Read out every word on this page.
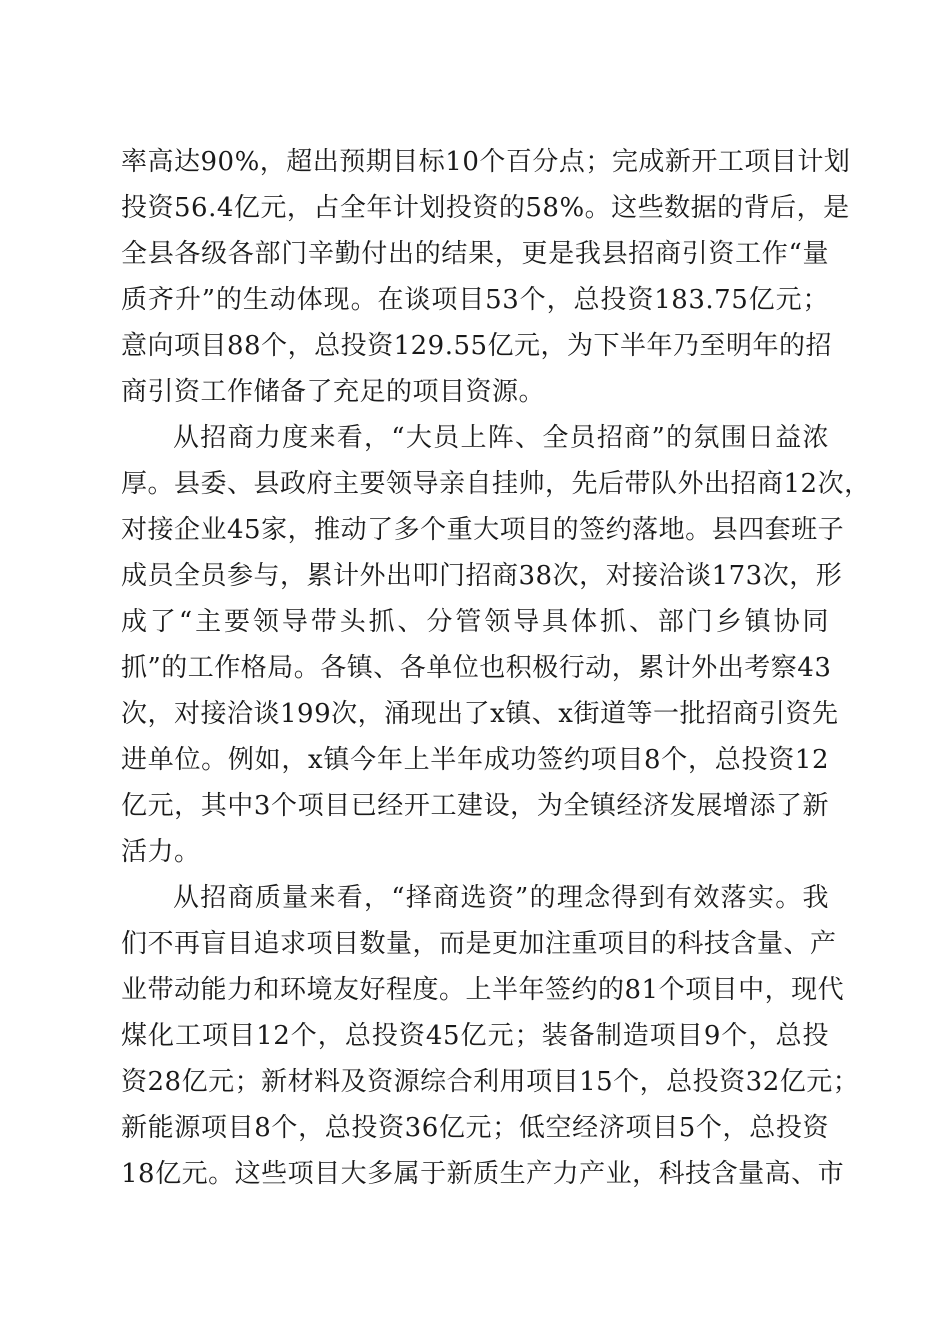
率高达90%，超出预期目标10个百分点；完成新开工项目计划
投资56.4亿元，占全年计划投资的58%。这些数据的背后，是
全县各级各部门辛勤付出的结果，更是我县招商引资工作“量
质齐升”的生动体现。在谈项目53个，总投资183.75亿元；
意向项目88个，总投资129.55亿元，为下半年乃至明年的招
商引资工作储备了充足的项目资源。
从招商力度来看，“大员上阵、全员招商”的氛围日益浓
厚。县委、县政府主要领导亲自挂帅，先后带队外出招商12次，
对接企业45家，推动了多个重大项目的签约落地。县四套班子
成员全员参与，累计外出叩门招商38次，对接洽谈173次，形
成了“主要领导带头抓、分管领导具体抓、部门乡镇协同
抓”的工作格局。各镇、各单位也积极行动，累计外出考察43
次，对接洽谈199次，涌现出了x镇、x街道等一批招商引资先
进单位。例如，x镇今年上半年成功签约项目8个，总投资12
亿元，其中3个项目已经开工建设，为全镇经济发展增添了新
活力。
从招商质量来看，“择商选资”的理念得到有效落实。我
们不再盲目追求项目数量，而是更加注重项目的科技含量、产
业带动能力和环境友好程度。上半年签约的81个项目中，现代
煤化工项目12个，总投资45亿元；装备制造项目9个，总投
资28亿元；新材料及资源综合利用项目15个，总投资32亿元；
新能源项目8个，总投资36亿元；低空经济项目5个，总投资
18亿元。这些项目大多属于新质生产力产业，科技含量高、市
